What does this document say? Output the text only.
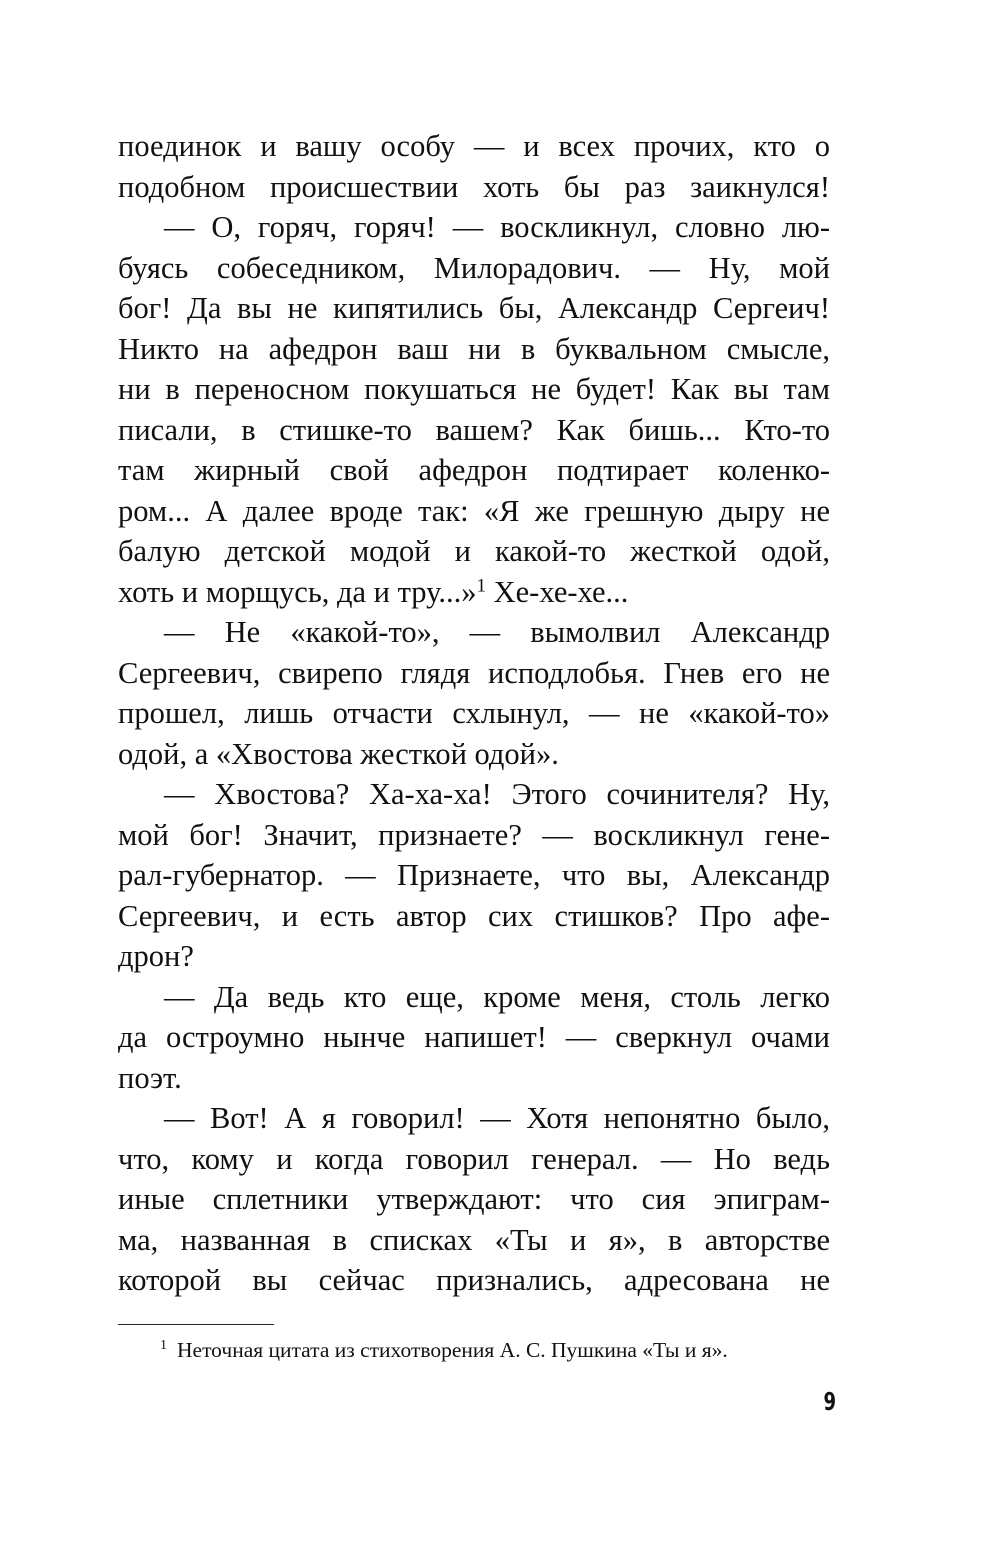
поединок и вашу особу — и всех прочих, кто о
подобном происшествии хоть бы раз заикнулся!
— О, горяч, горяч! — воскликнул, словно лю-
буясь собеседником, Милорадович. — Ну, мой
бог! Да вы не кипятились бы, Александр Сергеич!
Никто на афедрон ваш ни в буквальном смысле,
ни в переносном покушаться не будет! Как вы там
писали, в стишке-то вашем? Как бишь... Кто-то
там жирный свой афедрон подтирает коленко-
ром... А далее вроде так: «Я же грешную дыру не
балую детской модой и какой-то жесткой одой,
хоть и морщусь, да и тру...»$^1$ Хе-хе-хе...
— Не «какой-то», — вымолвил Александр
Сергеевич, свирепо глядя исподлобья. Гнев его не
прошел, лишь отчасти схлынул, — не «какой-то»
одой, а «Хвостова жесткой одой».
— Хвостова? Ха-ха-ха! Этого сочинителя? Ну,
мой бог! Значит, признаете? — воскликнул гене-
рал-губернатор. — Признаете, что вы, Александр
Сергеевич, и есть автор сих стишков? Про афе-
дрон?
— Да ведь кто еще, кроме меня, столь легко
да остроумно нынче напишет! — сверкнул очами
поэт.
— Вот! А я говорил! — Хотя непонятно было,
что, кому и когда говорил генерал. — Но ведь
иные сплетники утверждают: что сия эпиграм-
ма, названная в списках «Ты и я», в авторстве
которой вы сейчас признались, адресована не
$^1$ Неточная цитата из стихотворения А. С. Пушкина «Ты и я».
9
